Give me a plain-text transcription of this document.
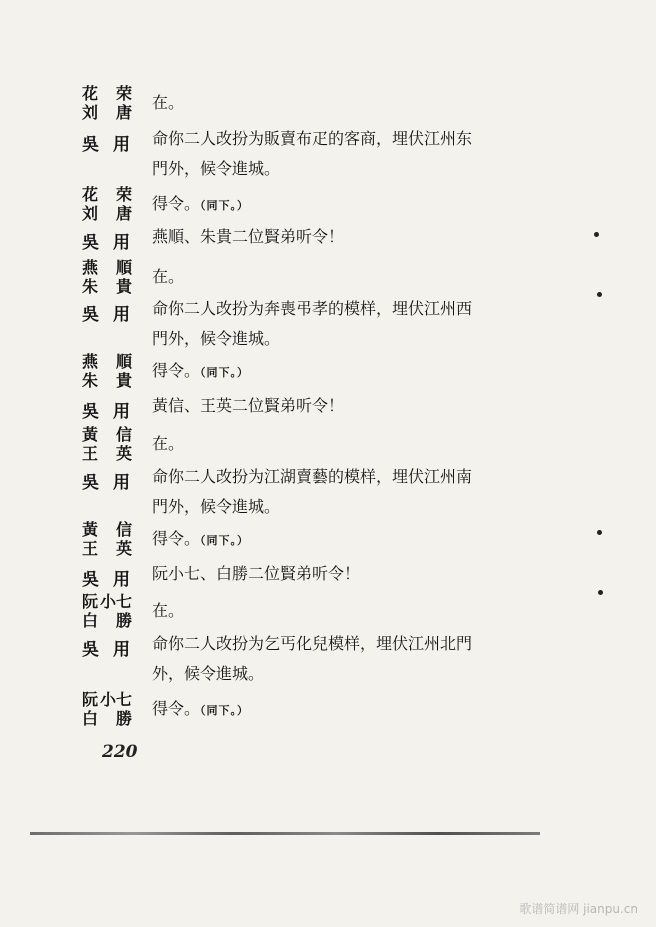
花 荣
刘 唐
在。
吳用 命你二人改扮为販賣布疋的客商，埋伏江州东
門外，候令進城。
花 荣
刘 唐
得令。（同下。）
吳用 燕順、朱貴二位賢弟听令！
燕 順
朱 貴
在。
吳用 命你二人改扮为奔喪弔孝的模样，埋伏江州西
門外，候令進城。
燕 順
朱 貴
得令。（同下。）
吳用 黃信、王英二位賢弟听令！
黃 信
王 英
在。
吳用 命你二人改扮为江湖賣藝的模样，埋伏江州南
門外，候令進城。
黃 信
王 英
得令。（同下。）
吳用 阮小七、白勝二位賢弟听令！
阮 小七
白 勝
在。
吳用 命你二人改扮为乞丐化兒模样，埋伏江州北門
外，候令進城。
阮 小七
白 勝
得令。（同下。）
220
歌谱简谱网 jianpu.cn
